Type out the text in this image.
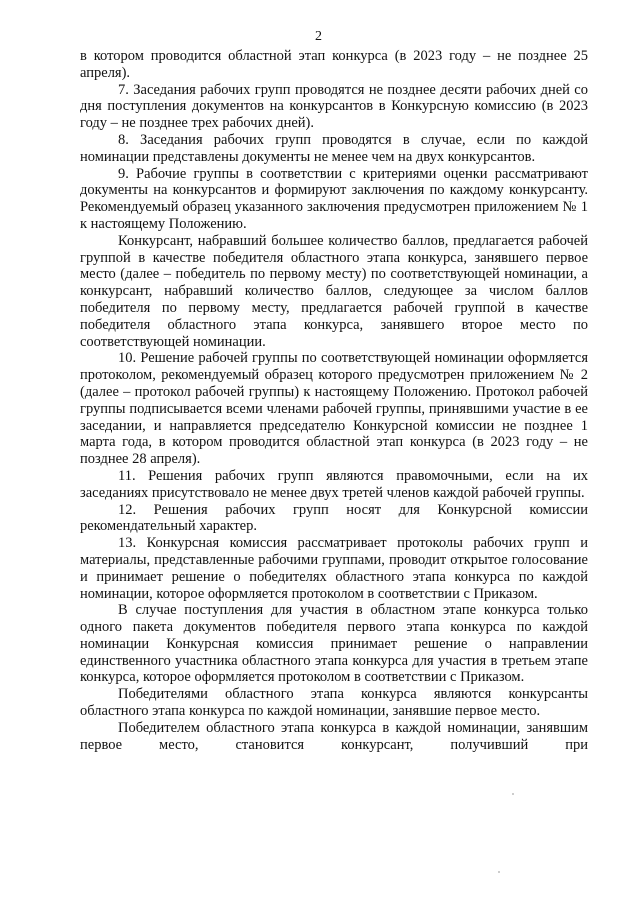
2

в котором проводится областной этап конкурса (в 2023 году – не позднее 25 апреля).

7. Заседания рабочих групп проводятся не позднее десяти рабочих дней со дня поступления документов на конкурсантов в Конкурсную комиссию (в 2023 году – не позднее трех рабочих дней).

8. Заседания рабочих групп проводятся в случае, если по каждой номинации представлены документы не менее чем на двух конкурсантов.

9. Рабочие группы в соответствии с критериями оценки рассматривают документы на конкурсантов и формируют заключения по каждому конкурсанту. Рекомендуемый образец указанного заключения предусмотрен приложением № 1 к настоящему Положению.

Конкурсант, набравший большее количество баллов, предлагается рабочей группой в качестве победителя областного этапа конкурса, занявшего первое место (далее – победитель по первому месту) по соответствующей номинации, а конкурсант, набравший количество баллов, следующее за числом баллов победителя по первому месту, предлагается рабочей группой в качестве победителя областного этапа конкурса, занявшего второе место по соответствующей номинации.

10. Решение рабочей группы по соответствующей номинации оформляется протоколом, рекомендуемый образец которого предусмотрен приложением № 2 (далее – протокол рабочей группы) к настоящему Положению. Протокол рабочей группы подписывается всеми членами рабочей группы, принявшими участие в ее заседании, и направляется председателю Конкурсной комиссии не позднее 1 марта года, в котором проводится областной этап конкурса (в 2023 году – не позднее 28 апреля).

11. Решения рабочих групп являются правомочными, если на их заседаниях присутствовало не менее двух третей членов каждой рабочей группы.

12. Решения рабочих групп носят для Конкурсной комиссии рекомендательный характер.

13. Конкурсная комиссия рассматривает протоколы рабочих групп и материалы, представленные рабочими группами, проводит открытое голосование и принимает решение о победителях областного этапа конкурса по каждой номинации, которое оформляется протоколом в соответствии с Приказом.

В случае поступления для участия в областном этапе конкурса только одного пакета документов победителя первого этапа конкурса по каждой номинации Конкурсная комиссия принимает решение о направлении единственного участника областного этапа конкурса для участия в третьем этапе конкурса, которое оформляется протоколом в соответствии с Приказом.

Победителями областного этапа конкурса являются конкурсанты областного этапа конкурса по каждой номинации, занявшие первое место.

Победителем областного этапа конкурса в каждой номинации, занявшим первое место, становится конкурсант, получивший при
